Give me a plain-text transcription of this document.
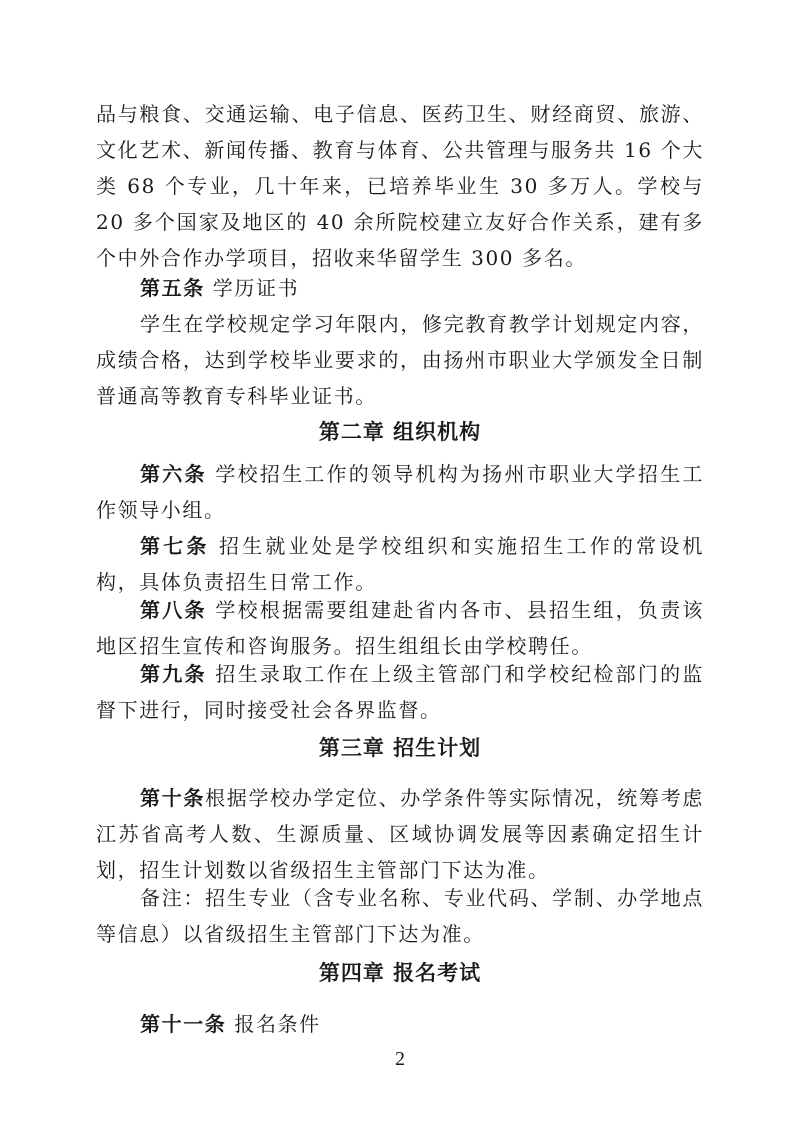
品与粮食、交通运输、电子信息、医药卫生、财经商贸、旅游、文化艺术、新闻传播、教育与体育、公共管理与服务共 16 个大类 68 个专业，几十年来，已培养毕业生 30 多万人。学校与 20 多个国家及地区的 40 余所院校建立友好合作关系，建有多个中外合作办学项目，招收来华留学生 300 多名。

第五条 学历证书

学生在学校规定学习年限内，修完教育教学计划规定内容，成绩合格，达到学校毕业要求的，由扬州市职业大学颁发全日制普通高等教育专科毕业证书。

第二章 组织机构

第六条 学校招生工作的领导机构为扬州市职业大学招生工作领导小组。

第七条 招生就业处是学校组织和实施招生工作的常设机构，具体负责招生日常工作。

第八条 学校根据需要组建赴省内各市、县招生组，负责该地区招生宣传和咨询服务。招生组组长由学校聘任。

第九条 招生录取工作在上级主管部门和学校纪检部门的监督下进行，同时接受社会各界监督。

第三章 招生计划

第十条根据学校办学定位、办学条件等实际情况，统筹考虑江苏省高考人数、生源质量、区域协调发展等因素确定招生计划，招生计划数以省级招生主管部门下达为准。

备注：招生专业（含专业名称、专业代码、学制、办学地点等信息）以省级招生主管部门下达为准。

第四章 报名考试

第十一条 报名条件

2
